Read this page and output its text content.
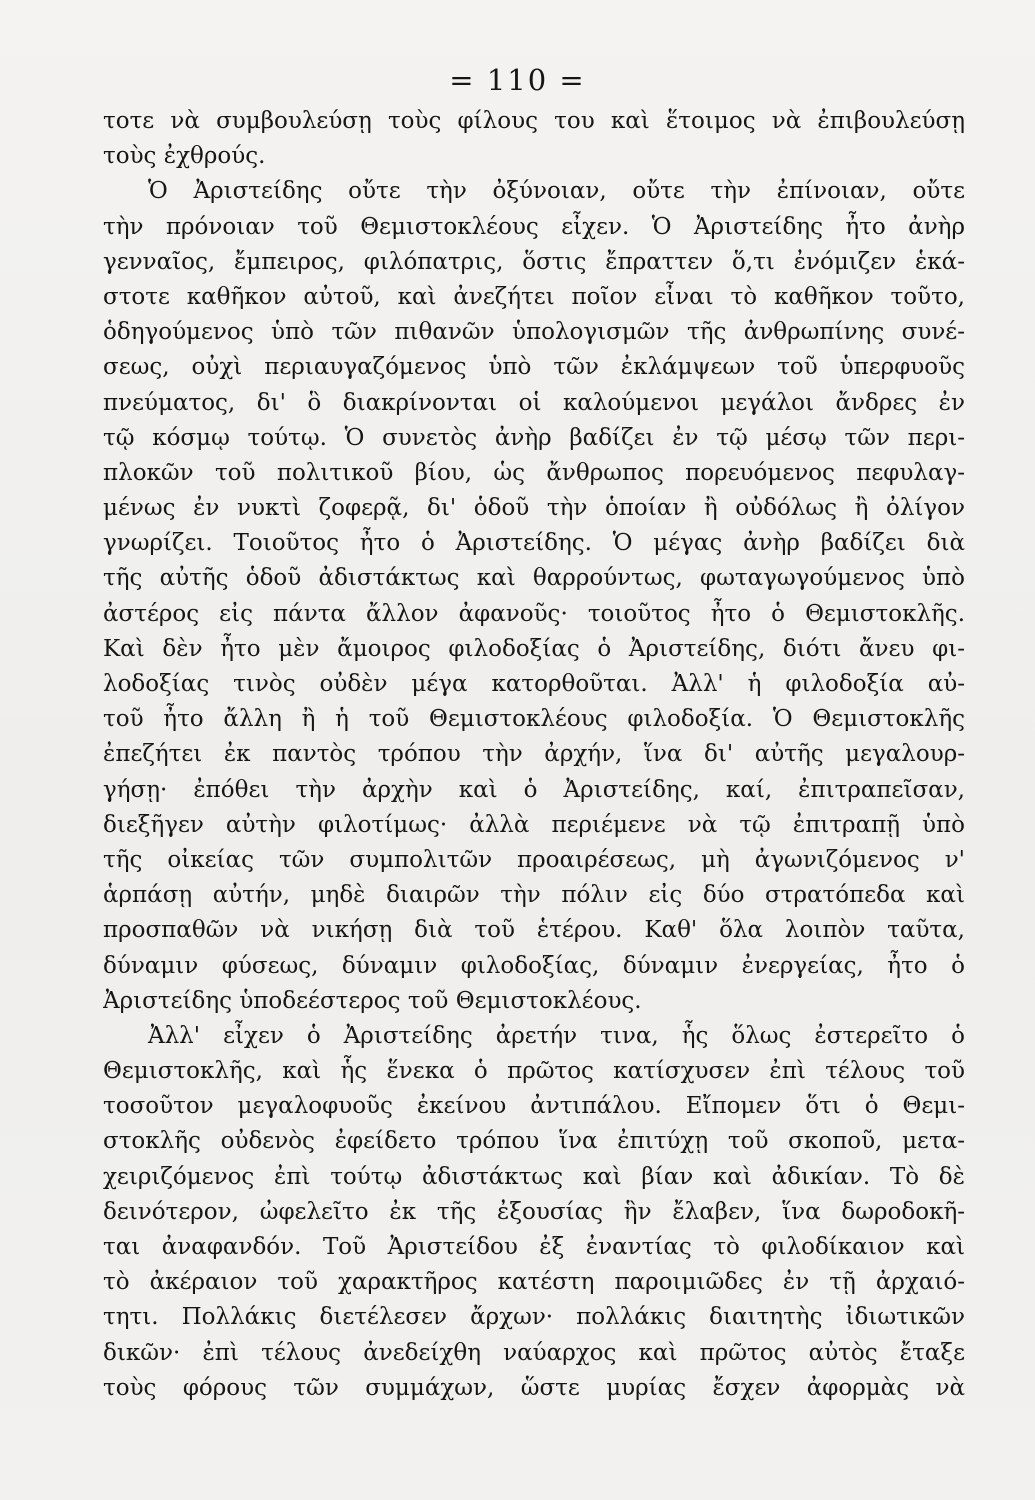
= 110 =
τοτε νὰ συμβουλεύσῃ τοὺς φίλους του καὶ ἕτοιμος νὰ ἐπιβουλεύσῃ
τοὺς ἐχθρούς.
Ὁ Ἀριστείδης οὔτε τὴν ὀξύνοιαν, οὔτε τὴν ἐπίνοιαν, οὔτε
τὴν πρόνοιαν τοῦ Θεμιστοκλέους εἶχεν. Ὁ Ἀριστείδης ἦτο ἀνὴρ
γενναῖος, ἔμπειρος, φιλόπατρις, ὅστις ἔπραττεν ὅ,τι ἐνόμιζεν ἑκά-
στοτε καθῆκον αὐτοῦ, καὶ ἀνεζήτει ποῖον εἶναι τὸ καθῆκον τοῦτο,
ὁδηγούμενος ὑπὸ τῶν πιθανῶν ὑπολογισμῶν τῆς ἀνθρωπίνης συνέ-
σεως, οὐχὶ περιαυγαζόμενος ὑπὸ τῶν ἐκλάμψεων τοῦ ὑπερφυοῦς
πνεύματος, δι' ὃ διακρίνονται οἱ καλούμενοι μεγάλοι ἄνδρες ἐν
τῷ κόσμῳ τούτῳ. Ὁ συνετὸς ἀνὴρ βαδίζει ἐν τῷ μέσῳ τῶν περι-
πλοκῶν τοῦ πολιτικοῦ βίου, ὡς ἄνθρωπος πορευόμενος πεφυλαγ-
μένως ἐν νυκτὶ ζοφερᾷ, δι' ὁδοῦ τὴν ὁποίαν ἢ οὐδόλως ἢ ὀλίγον
γνωρίζει. Τοιοῦτος ἦτο ὁ Ἀριστείδης. Ὁ μέγας ἀνὴρ βαδίζει διὰ
τῆς αὐτῆς ὁδοῦ ἀδιστάκτως καὶ θαρρούντως, φωταγωγούμενος ὑπὸ
ἀστέρος εἰς πάντα ἄλλον ἀφανοῦς· τοιοῦτος ἦτο ὁ Θεμιστοκλῆς.
Καὶ δὲν ἦτο μὲν ἄμοιρος φιλοδοξίας ὁ Ἀριστείδης, διότι ἄνευ φι-
λοδοξίας τινὸς οὐδὲν μέγα κατορθοῦται. Ἀλλ' ἡ φιλοδοξία αὐ-
τοῦ ἦτο ἄλλη ἢ ἡ τοῦ Θεμιστοκλέους φιλοδοξία. Ὁ Θεμιστοκλῆς
ἐπεζήτει ἐκ παντὸς τρόπου τὴν ἀρχήν, ἵνα δι' αὐτῆς μεγαλουρ-
γήσῃ· ἐπόθει τὴν ἀρχὴν καὶ ὁ Ἀριστείδης, καί, ἐπιτραπεῖσαν,
διεξῆγεν αὐτὴν φιλοτίμως· ἀλλὰ περιέμενε νὰ τῷ ἐπιτραπῇ ὑπὸ
τῆς οἰκείας τῶν συμπολιτῶν προαιρέσεως, μὴ ἀγωνιζόμενος ν'
ἁρπάσῃ αὐτήν, μηδὲ διαιρῶν τὴν πόλιν εἰς δύο στρατόπεδα καὶ
προσπαθῶν νὰ νικήσῃ διὰ τοῦ ἑτέρου. Καθ' ὅλα λοιπὸν ταῦτα,
δύναμιν φύσεως, δύναμιν φιλοδοξίας, δύναμιν ἐνεργείας, ἦτο ὁ
Ἀριστείδης ὑποδεέστερος τοῦ Θεμιστοκλέους.
Ἀλλ' εἶχεν ὁ Ἀριστείδης ἀρετήν τινα, ἧς ὅλως ἐστερεῖτο ὁ
Θεμιστοκλῆς, καὶ ἧς ἕνεκα ὁ πρῶτος κατίσχυσεν ἐπὶ τέλους τοῦ
τοσοῦτον μεγαλοφυοῦς ἐκείνου ἀντιπάλου. Εἴπομεν ὅτι ὁ Θεμι-
στοκλῆς οὐδενὸς ἐφείδετο τρόπου ἵνα ἐπιτύχῃ τοῦ σκοποῦ, μετα-
χειριζόμενος ἐπὶ τούτῳ ἀδιστάκτως καὶ βίαν καὶ ἀδικίαν. Τὸ δὲ
δεινότερον, ὠφελεῖτο ἐκ τῆς ἐξουσίας ἣν ἔλαβεν, ἵνα δωροδοκῆ-
ται ἀναφανδόν. Τοῦ Ἀριστείδου ἐξ ἐναντίας τὸ φιλοδίκαιον καὶ
τὸ ἀκέραιον τοῦ χαρακτῆρος κατέστη παροιμιῶδες ἐν τῇ ἀρχαιό-
τητι. Πολλάκις διετέλεσεν ἄρχων· πολλάκις διαιτητὴς ἰδιωτικῶν
δικῶν· ἐπὶ τέλους ἀνεδείχθη ναύαρχος καὶ πρῶτος αὐτὸς ἔταξε
τοὺς φόρους τῶν συμμάχων, ὥστε μυρίας ἔσχεν ἀφορμὰς νὰ
